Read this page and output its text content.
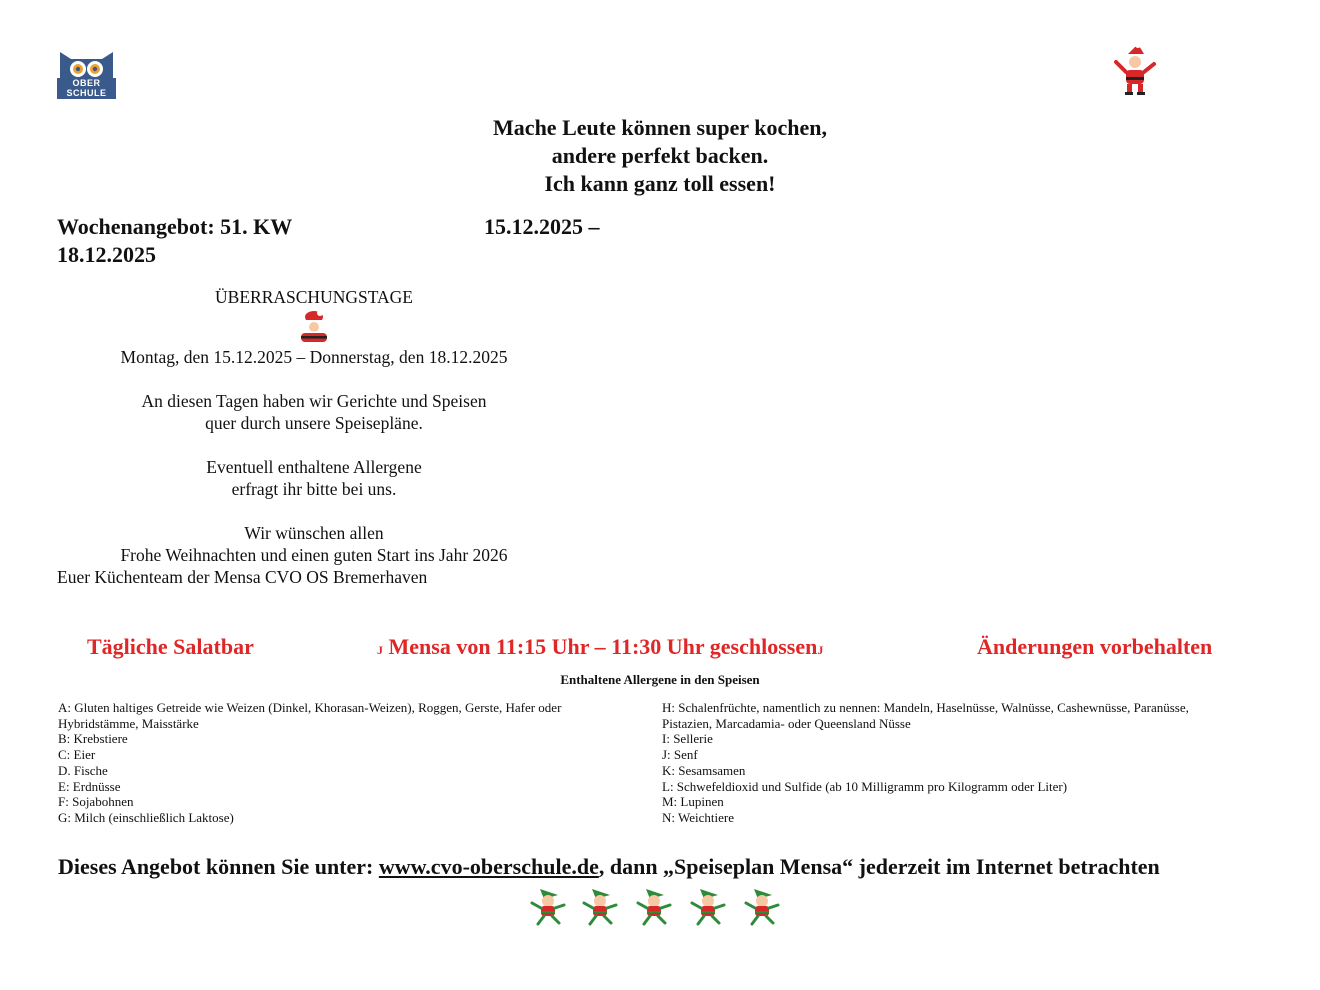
OBER
SCHULE
Mache Leute können super kochen,
andere perfekt backen.
Ich kann ganz toll essen!
Wochenangebot: 51. KW	15.12.2025 –
18.12.2025

ÜBERRASCHUNGSTAGE

Montag, den 15.12.2025 – Donnerstag, den 18.12.2025

An diesen Tagen haben wir Gerichte und Speisen

quer durch unsere Speisepläne.

Eventuell enthaltene Allergene

erfragt ihr bitte bei uns.

Wir wünschen allen

Frohe Weihnachten und einen guten Start ins Jahr 2026

Euer Küchenteam der Mensa CVO OS Bremerhaven

Tägliche Salatbar	J Mensa von 11:15 Uhr – 11:30 Uhr geschlossenJ	Änderungen vorbehalten
Enthaltene Allergene in den Speisen
A: Gluten haltiges Getreide wie Weizen (Dinkel, Khorasan-Weizen), Roggen, Gerste, Hafer oder
Hybridstämme, Maisstärke
B: Krebstiere
C: Eier
D. Fische
E: Erdnüsse
F: Sojabohnen
G: Milch (einschließlich Laktose)
H: Schalenfrüchte, namentlich zu nennen: Mandeln, Haselnüsse, Walnüsse, Cashewnüsse, Paranüsse,
Pistazien, Marcadamia- oder Queensland Nüsse
I: Sellerie
J: Senf
K: Sesamsamen
L: Schwefeldioxid und Sulfide (ab 10 Milligramm pro Kilogramm oder Liter)
M: Lupinen
N: Weichtiere
Dieses Angebot können Sie unter: www.cvo-oberschule.de, dann „Speiseplan Mensa“ jederzeit im Internet betrachten
